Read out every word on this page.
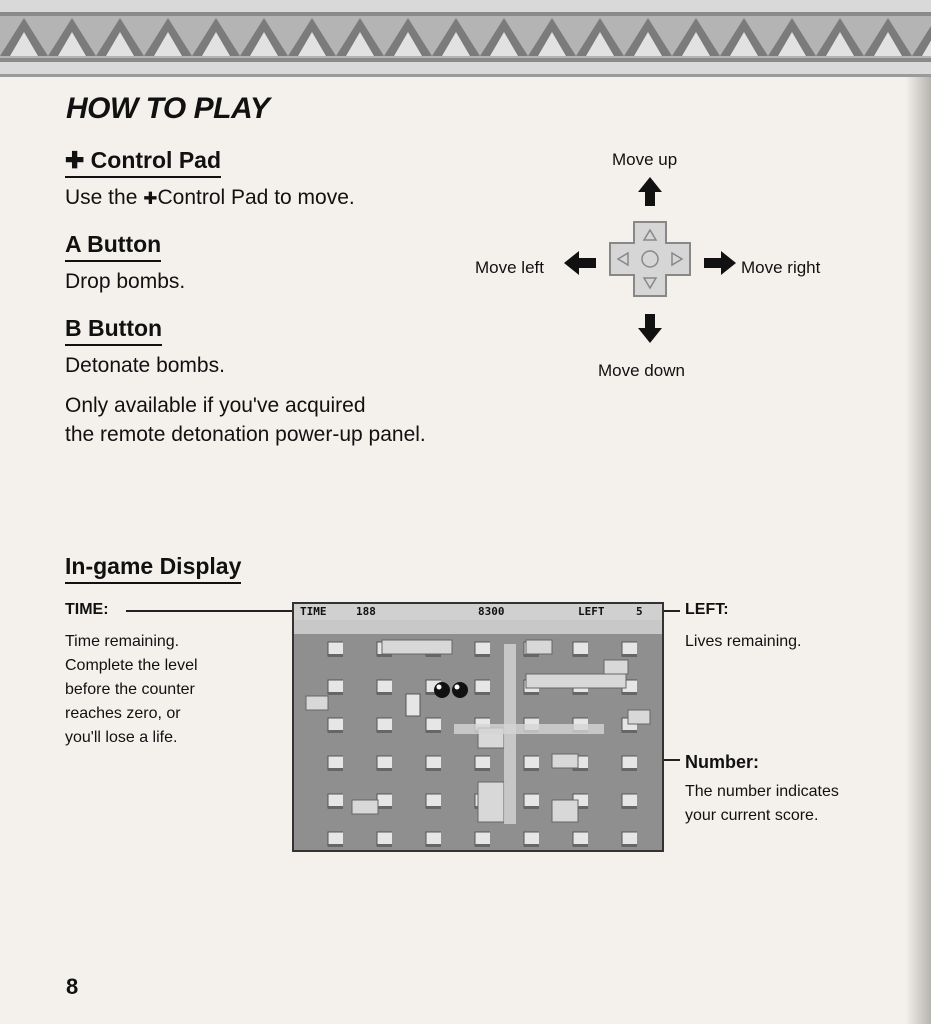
HOW TO PLAY
✚ Control Pad

Use the ✚Control Pad to move.

A Button

Drop bombs.

B Button

Detonate bombs.

Only available if you've acquired

the remote detonation power-up panel.

Move up
Move left	Move right
Move down
In-game Display
TIME:
Time remaining.
Complete the level
before the counter
reaches zero, or
you'll lose a life.
LEFT:
Lives remaining.
Number:
The number indicates
your current score.
TIME	188	8300	LEFT	5
8
